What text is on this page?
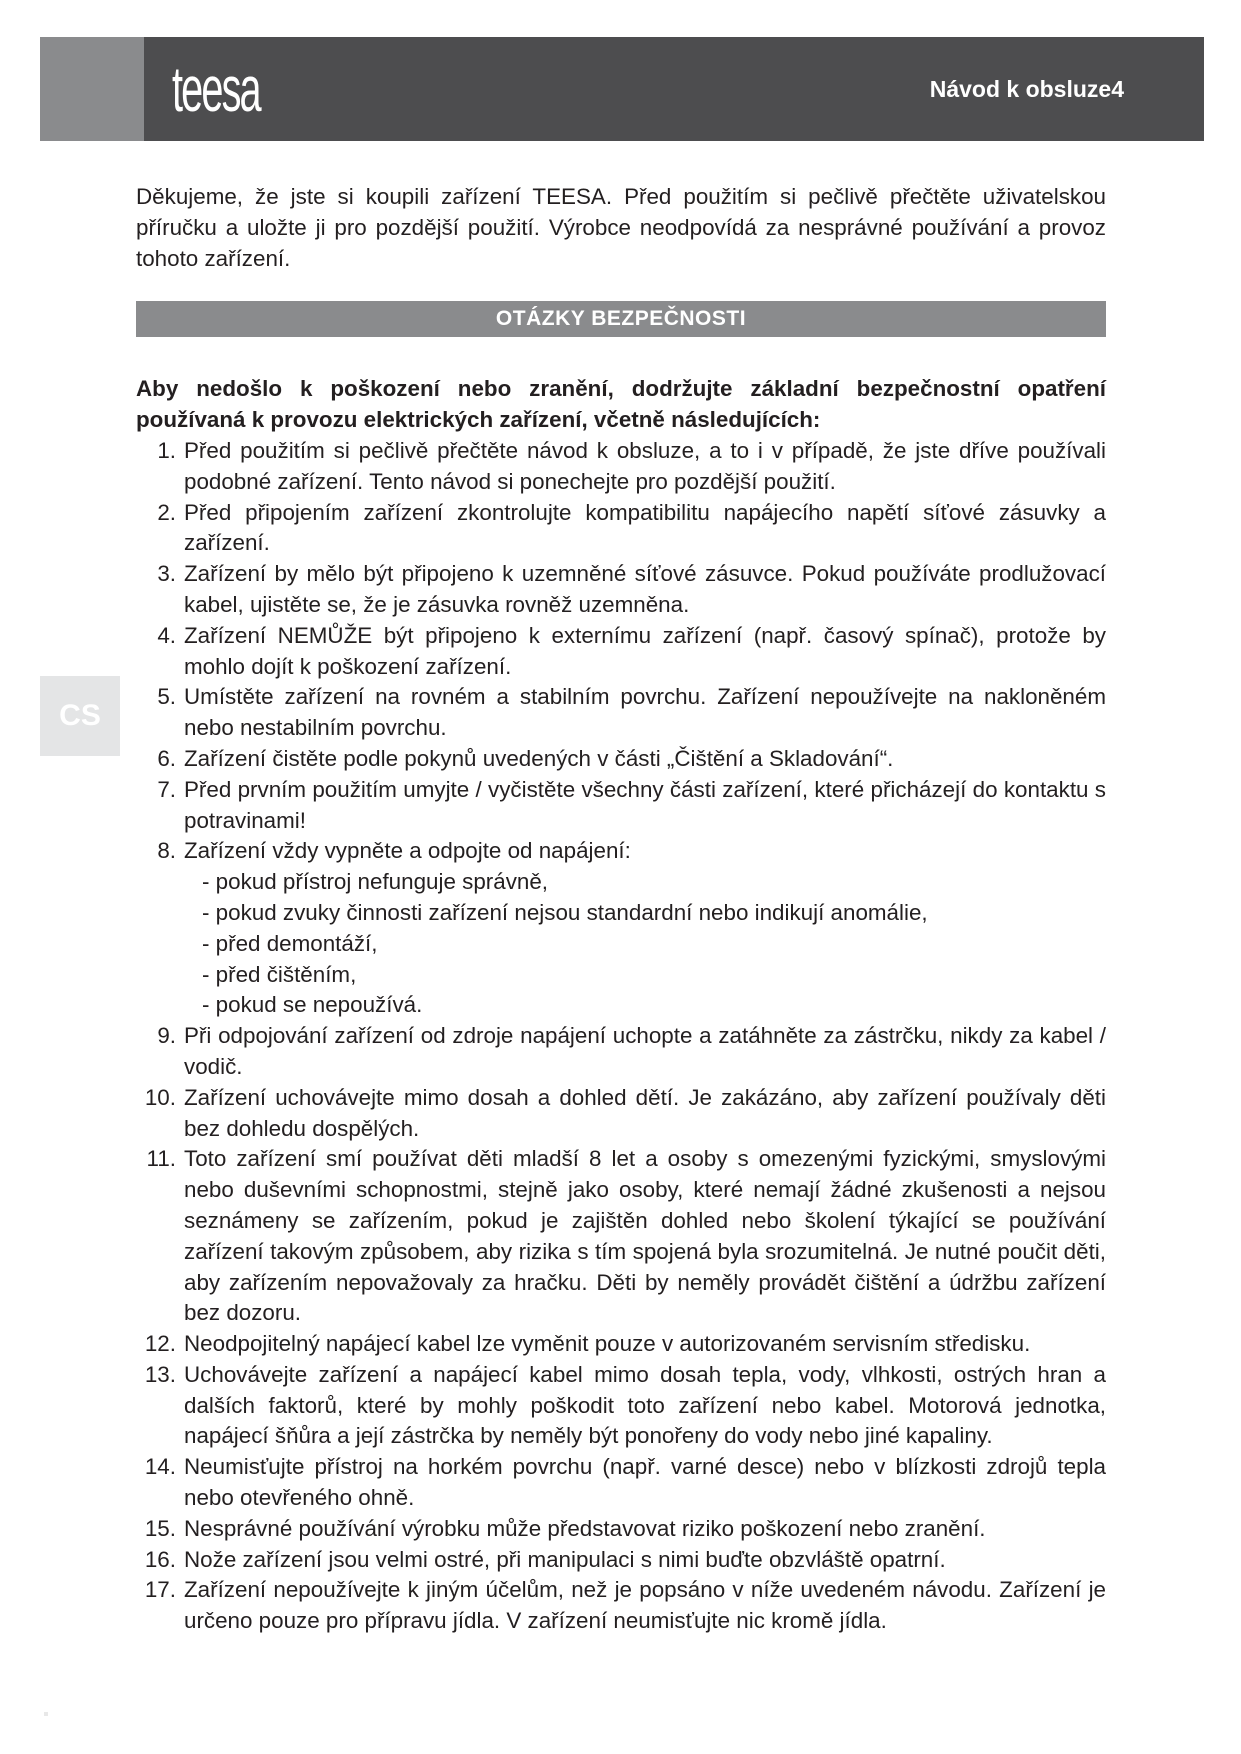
teesa	Návod k obsluze4
CS

Děkujeme, že jste si koupili zařízení TEESA. Před použitím si pečlivě přečtěte uživatelskou příručku a uložte ji pro pozdější použití. Výrobce neodpovídá za nesprávné používání a provoz tohoto zařízení.

OTÁZKY BEZPEČNOSTI

Aby nedošlo k poškození nebo zranění, dodržujte základní bezpečnostní opatření používaná k provozu elektrických zařízení, včetně následujících:

1. Před použitím si pečlivě přečtěte návod k obsluze, a to i v případě, že jste dříve používali podobné zařízení. Tento návod si ponechejte pro pozdější použití.
2. Před připojením zařízení zkontrolujte kompatibilitu napájecího napětí síťové zásuvky a zařízení.
3. Zařízení by mělo být připojeno k uzemněné síťové zásuvce. Pokud používáte prodlužovací kabel, ujistěte se, že je zásuvka rovněž uzemněna.
4. Zařízení NEMŮŽE být připojeno k externímu zařízení (např. časový spínač), protože by mohlo dojít k poškození zařízení.
5. Umístěte zařízení na rovném a stabilním povrchu. Zařízení nepoužívejte na nakloněném nebo nestabilním povrchu.
6. Zařízení čistěte podle pokynů uvedených v části „Čištění a Skladování“.
7. Před prvním použitím umyjte / vyčistěte všechny části zařízení, které přicházejí do kontaktu s potravinami!
8. Zařízení vždy vypněte a odpojte od napájení:
- pokud přístroj nefunguje správně,
- pokud zvuky činnosti zařízení nejsou standardní nebo indikují anomálie,
- před demontáží,
- před čištěním,
- pokud se nepoužívá.
9. Při odpojování zařízení od zdroje napájení uchopte a zatáhněte za zástrčku, nikdy za kabel / vodič.
10. Zařízení uchovávejte mimo dosah a dohled dětí. Je zakázáno, aby zařízení používaly děti bez dohledu dospělých.
11. Toto zařízení smí používat děti mladší 8 let a osoby s omezenými fyzickými, smyslovými nebo duševními schopnostmi, stejně jako osoby, které nemají žádné zkušenosti a nejsou seznámeny se zařízením, pokud je zajištěn dohled nebo školení týkající se používání zařízení takovým způsobem, aby rizika s tím spojená byla srozumitelná. Je nutné poučit děti, aby zařízením nepovažovaly za hračku. Děti by neměly provádět čištění a údržbu zařízení bez dozoru.
12. Neodpojitelný napájecí kabel lze vyměnit pouze v autorizovaném servisním středisku.
13. Uchovávejte zařízení a napájecí kabel mimo dosah tepla, vody, vlhkosti, ostrých hran a dalších faktorů, které by mohly poškodit toto zařízení nebo kabel. Motorová jednotka, napájecí šňůra a její zástrčka by neměly být ponořeny do vody nebo jiné kapaliny.
14. Neumisťujte přístroj na horkém povrchu (např. varné desce) nebo v blízkosti zdrojů tepla nebo otevřeného ohně.
15. Nesprávné používání výrobku může představovat riziko poškození nebo zranění.
16. Nože zařízení jsou velmi ostré, při manipulaci s nimi buďte obzvláště opatrní.
17. Zařízení nepoužívejte k jiným účelům, než je popsáno v níže uvedeném návodu. Zařízení je určeno pouze pro přípravu jídla. V zařízení neumisťujte nic kromě jídla.
